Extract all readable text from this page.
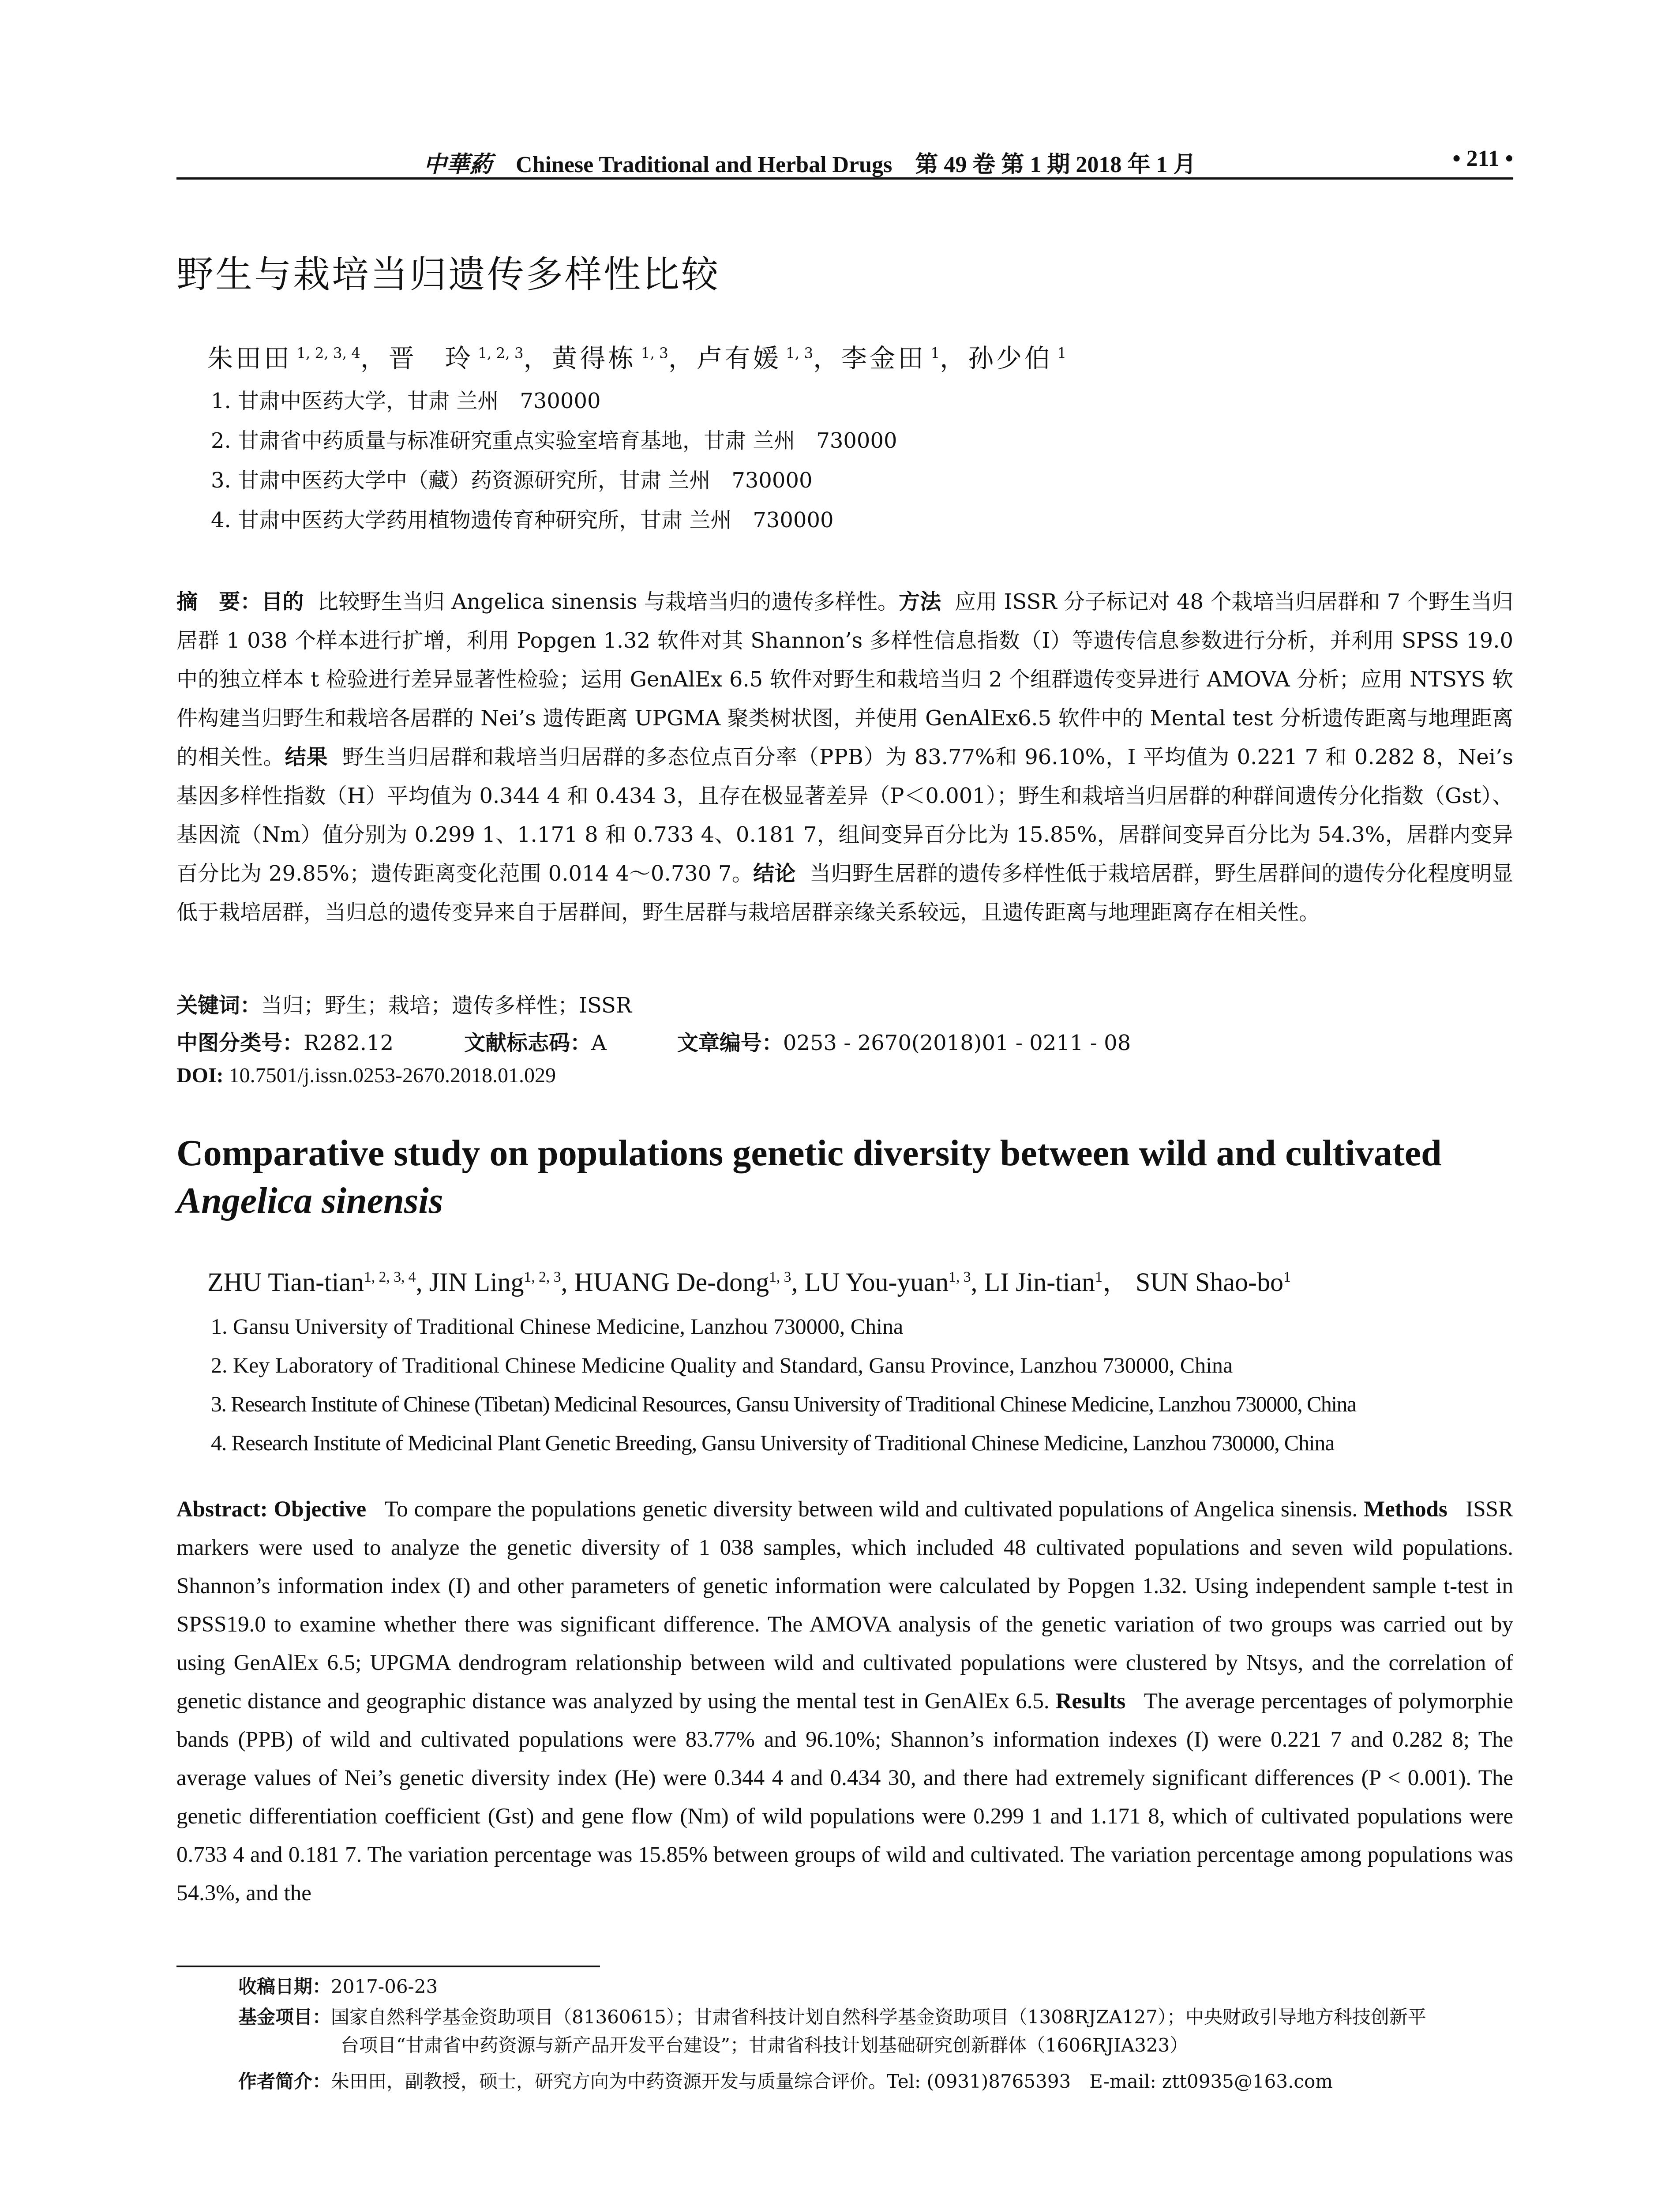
中華葯 Chinese Traditional and Herbal Drugs　第 49 卷 第 1 期 2018 年 1 月	• 211 •
野生与栽培当归遗传多样性比较
朱田田 $^{1, 2, 3, 4}$，晋　玲 $^{1, 2, 3}$，黄得栋 $^{1, 3}$，卢有媛 $^{1, 3}$，李金田 $^1$，孙少伯 $^1$
1. 甘肃中医药大学，甘肃 兰州　730000
2. 甘肃省中药质量与标准研究重点实验室培育基地，甘肃 兰州　730000
3. 甘肃中医药大学中（藏）药资源研究所，甘肃 兰州　730000
4. 甘肃中医药大学药用植物遗传育种研究所，甘肃 兰州　730000
摘　要：目的 比较野生当归 Angelica sinensis 与栽培当归的遗传多样性。方法 应用 ISSR 分子标记对 48 个栽培当归居群和 7 个野生当归居群 1 038 个样本进行扩增，利用 Popgen 1.32 软件对其 Shannon’s 多样性信息指数（I）等遗传信息参数进行分析，并利用 SPSS 19.0 中的独立样本 t 检验进行差异显著性检验；运用 GenAlEx 6.5 软件对野生和栽培当归 2 个组群遗传变异进行 AMOVA 分析；应用 NTSYS 软件构建当归野生和栽培各居群的 Nei’s 遗传距离 UPGMA 聚类树状图，并使用 GenAlEx6.5 软件中的 Mental test 分析遗传距离与地理距离的相关性。结果 野生当归居群和栽培当归居群的多态位点百分率（PPB）为 83.77%和 96.10%，I 平均值为 0.221 7 和 0.282 8，Nei’s 基因多样性指数（H）平均值为 0.344 4 和 0.434 3，且存在极显著差异（P＜0.001）；野生和栽培当归居群的种群间遗传分化指数（Gst）、基因流（Nm）值分别为 0.299 1、1.171 8 和 0.733 4、0.181 7，组间变异百分比为 15.85%，居群间变异百分比为 54.3%，居群内变异百分比为 29.85%；遗传距离变化范围 0.014 4～0.730 7。结论 当归野生居群的遗传多样性低于栽培居群，野生居群间的遗传分化程度明显低于栽培居群，当归总的遗传变异来自于居群间，野生居群与栽培居群亲缘关系较远，且遗传距离与地理距离存在相关性。
关键词：当归；野生；栽培；遗传多样性；ISSR
中图分类号：R282.12	文献标志码：A	文章编号：0253 - 2670(2018)01 - 0211 - 08
DOI: 10.7501/j.issn.0253-2670.2018.01.029
Comparative study on populations genetic diversity between wild and cultivated
Angelica sinensis
ZHU Tian-tian$^{1, 2, 3, 4}$, JIN Ling$^{1, 2, 3}$, HUANG De-dong$^{1, 3}$, LU You-yuan$^{1, 3}$, LI Jin-tian$^1$， SUN Shao-$bo^1$
1. Gansu University of Traditional Chinese Medicine, Lanzhou 730000, China
2. Key Laboratory of Traditional Chinese Medicine Quality and Standard, Gansu Province, Lanzhou 730000, China
3. Research Institute of Chinese (Tibetan) Medicinal Resources, Gansu University of Traditional Chinese Medicine, Lanzhou 730000, China
4. Research Institute of Medicinal Plant Genetic Breeding, Gansu University of Traditional Chinese Medicine, Lanzhou 730000, China
Abstract: Objective To compare the populations genetic diversity between wild and cultivated populations of Angelica sinensis. Methods ISSR markers were used to analyze the genetic diversity of 1 038 samples, which included 48 cultivated populations and seven wild populations. Shannon’s information index (I) and other parameters of genetic information were calculated by Popgen 1.32. Using independent sample t-test in SPSS19.0 to examine whether there was significant difference. The AMOVA analysis of the genetic variation of two groups was carried out by using GenAlEx 6.5; UPGMA dendrogram relationship between wild and cultivated populations were clustered by Ntsys, and the correlation of genetic distance and geographic distance was analyzed by using the mental test in GenAlEx 6.5. Results The average percentages of polymorphie bands (PPB) of wild and cultivated populations were 83.77% and 96.10%; Shannon’s information indexes (I) were 0.221 7 and 0.282 8; The average values of Nei’s genetic diversity index (He) were 0.344 4 and 0.434 30, and there had extremely significant differences (P < 0.001). The genetic differentiation coefficient (Gst) and gene flow (Nm) of wild populations were 0.299 1 and 1.171 8, which of cultivated populations were 0.733 4 and 0.181 7. The variation percentage was 15.85% between groups of wild and cultivated. The variation percentage among populations was 54.3%, and the
收稿日期：2017-06-23
基金项目：国家自然科学基金资助项目（81360615）；甘肃省科技计划自然科学基金资助项目（1308RJZA127）；中央财政引导地方科技创新平
台项目“甘肃省中药资源与新产品开发平台建设”；甘肃省科技计划基础研究创新群体（1606RJIA323）
作者简介：朱田田，副教授，硕士，研究方向为中药资源开发与质量综合评价。Tel: (0931)8765393　E-mail: ztt0935@163.com
